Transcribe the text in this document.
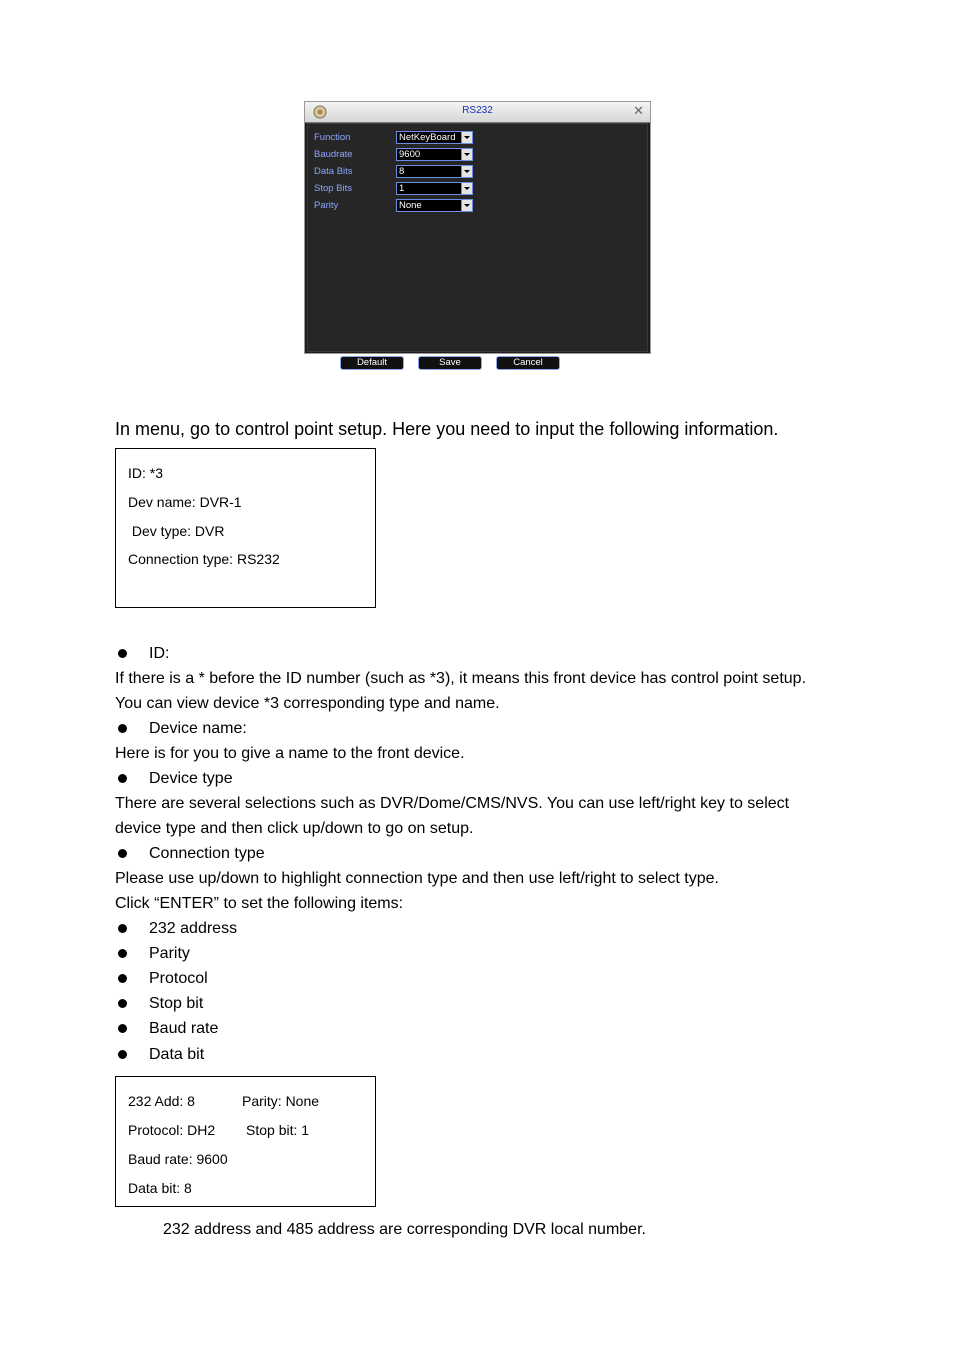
RS232	✕
Function	NetKeyBoard
Baudrate	9600
Data Bits	8
Stop Bits	1
Parity	None
Default	Save	Cancel
In menu, go to control point setup. Here you need to input the following information.
ID: *3
Dev name: DVR-1
Dev type: DVR
Connection type: RS232
ID:
If there is a * before the ID number (such as *3), it means this front device has control point setup.
You can view device *3 corresponding type and name.
Device name:
Here is for you to give a name to the front device.
Device type
There are several selections such as DVR/Dome/CMS/NVS. You can use left/right key to select
device type and then click up/down to go on setup.
Connection type
Please use up/down to highlight connection type and then use left/right to select type.
Click “ENTER” to set the following items:
232 address
Parity
Protocol
Stop bit
Baud rate
Data bit
232 Add: 8	Parity: None
Protocol: DH2 Stop bit: 1
Baud rate: 9600
Data bit: 8
232 address and 485 address are corresponding DVR local number.
